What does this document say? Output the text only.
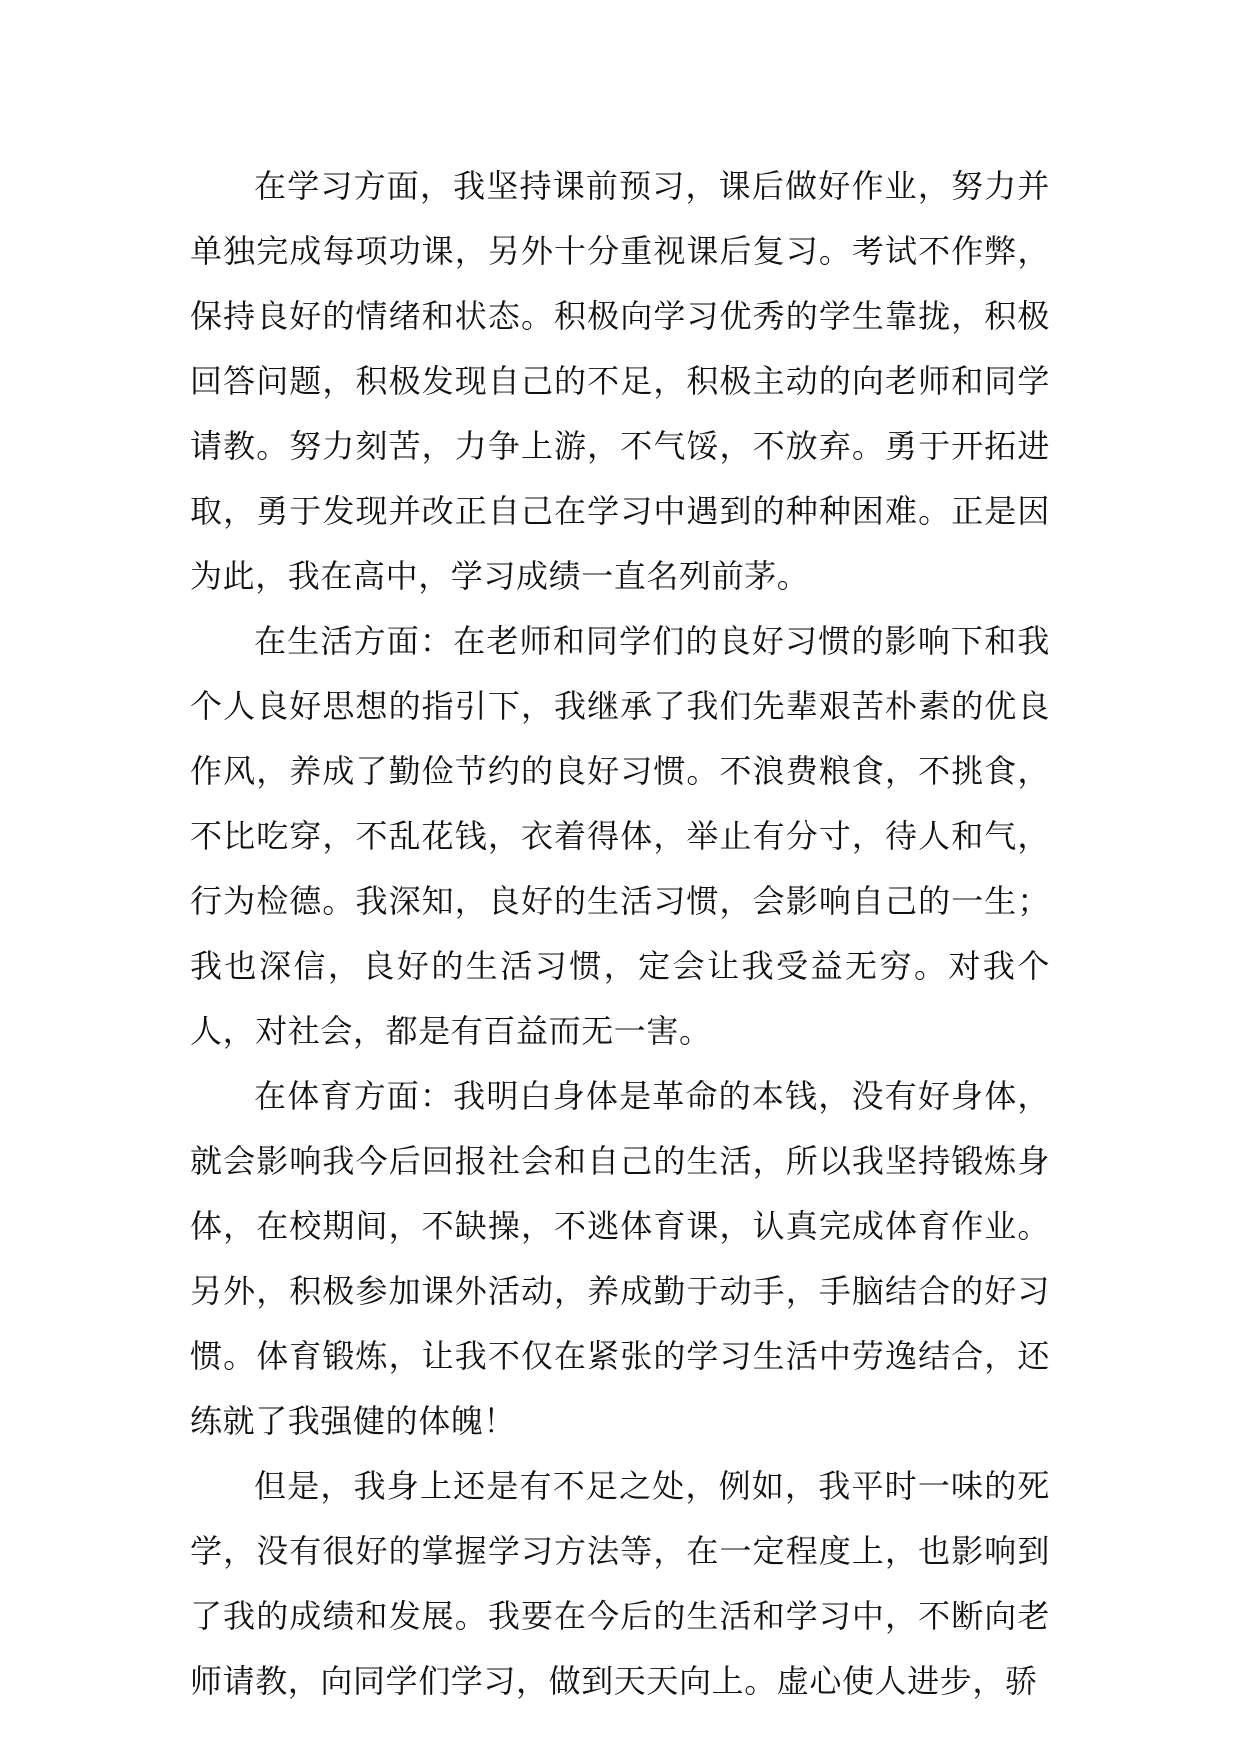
在学习方面，我坚持课前预习，课后做好作业，努力并单独完成每项功课，另外十分重视课后复习。考试不作弊，保持良好的情绪和状态。积极向学习优秀的学生靠拢，积极回答问题，积极发现自己的不足，积极主动的向老师和同学请教。努力刻苦，力争上游，不气馁，不放弃。勇于开拓进取，勇于发现并改正自己在学习中遇到的种种困难。正是因为此，我在高中，学习成绩一直名列前茅。

在生活方面：在老师和同学们的良好习惯的影响下和我个人良好思想的指引下，我继承了我们先辈艰苦朴素的优良作风，养成了勤俭节约的良好习惯。不浪费粮食，不挑食，不比吃穿，不乱花钱，衣着得体，举止有分寸，待人和气，行为检德。我深知，良好的生活习惯，会影响自己的一生；我也深信，良好的生活习惯，定会让我受益无穷。对我个人，对社会，都是有百益而无一害。

在体育方面：我明白身体是革命的本钱，没有好身体，就会影响我今后回报社会和自己的生活，所以我坚持锻炼身体，在校期间，不缺操，不逃体育课，认真完成体育作业。另外，积极参加课外活动，养成勤于动手，手脑结合的好习惯。体育锻炼，让我不仅在紧张的学习生活中劳逸结合，还练就了我强健的体魄！

但是，我身上还是有不足之处，例如，我平时一味的死学，没有很好的掌握学习方法等，在一定程度上，也影响到了我的成绩和发展。我要在今后的生活和学习中，不断向老师请教，向同学们学习，做到天天向上。虚心使人进步，骄
